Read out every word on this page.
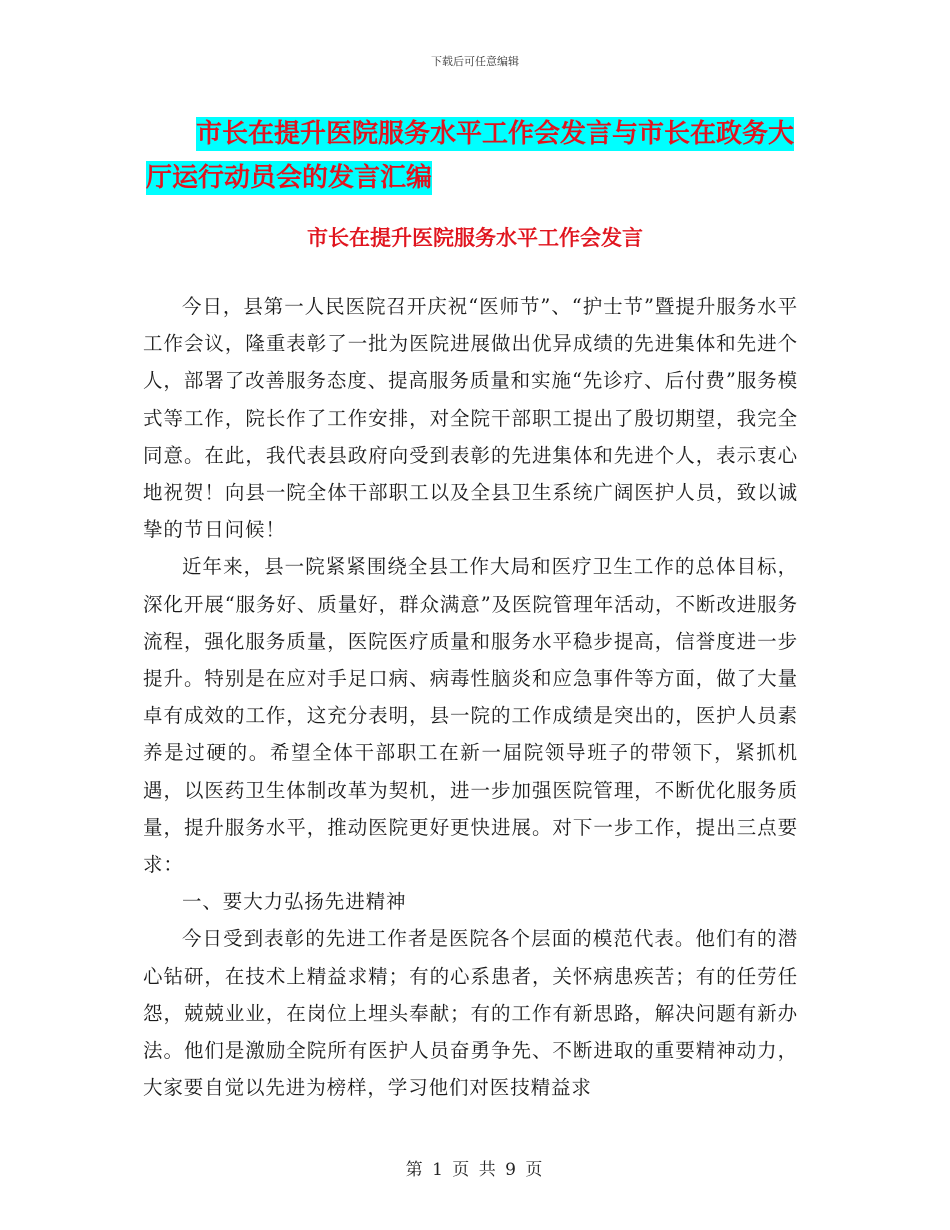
下载后可任意编辑
市长在提升医院服务水平工作会发言与市长在政务大
厅运行动员会的发言汇编
市长在提升医院服务水平工作会发言

今日，县第一人民医院召开庆祝“医师节”、“护士节”暨提升服务水平工作会议，隆重表彰了一批为医院进展做出优异成绩的先进集体和先进个人，部署了改善服务态度、提高服务质量和实施“先诊疗、后付费”服务模式等工作，院长作了工作安排，对全院干部职工提出了殷切期望，我完全同意。在此，我代表县政府向受到表彰的先进集体和先进个人，表示衷心地祝贺！向县一院全体干部职工以及全县卫生系统广阔医护人员，致以诚挚的节日问候！

近年来，县一院紧紧围绕全县工作大局和医疗卫生工作的总体目标，深化开展“服务好、质量好，群众满意”及医院管理年活动，不断改进服务流程，强化服务质量，医院医疗质量和服务水平稳步提高，信誉度进一步提升。特别是在应对手足口病、病毒性脑炎和应急事件等方面，做了大量卓有成效的工作，这充分表明，县一院的工作成绩是突出的，医护人员素养是过硬的。希望全体干部职工在新一届院领导班子的带领下，紧抓机遇，以医药卫生体制改革为契机，进一步加强医院管理，不断优化服务质量，提升服务水平，推动医院更好更快进展。对下一步工作，提出三点要求：

一、要大力弘扬先进精神

今日受到表彰的先进工作者是医院各个层面的模范代表。他们有的潜心钻研，在技术上精益求精；有的心系患者，关怀病患疾苦；有的任劳任怨，兢兢业业，在岗位上埋头奉献；有的工作有新思路，解决问题有新办法。他们是激励全院所有医护人员奋勇争先、不断进取的重要精神动力，大家要自觉以先进为榜样，学习他们对医技精益求

第 1 页 共 9 页
